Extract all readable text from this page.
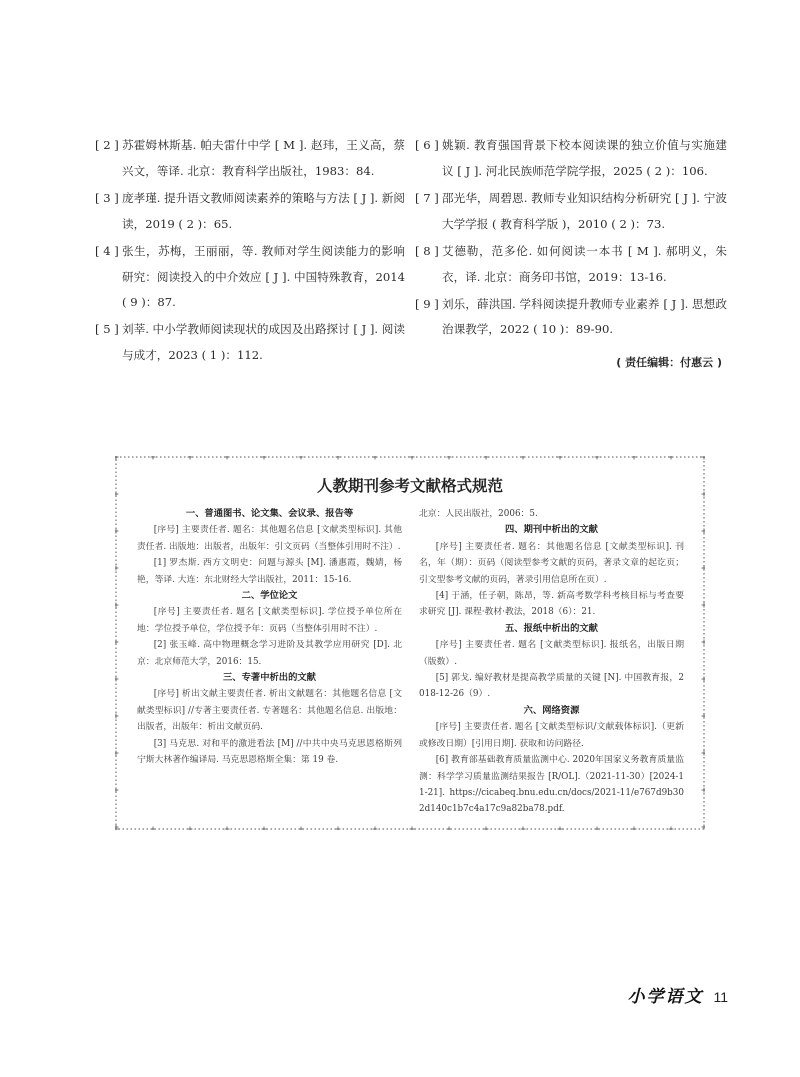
[ 2 ] 苏霍姆林斯基. 帕夫雷什中学 [ M ]. 赵玮，王义高，蔡兴文，等译. 北京：教育科学出版社，1983：84.
[ 3 ] 庞孝瑾. 提升语文教师阅读素养的策略与方法 [ J ]. 新阅读，2019 ( 2 )：65.
[ 4 ] 张生，苏梅，王丽丽，等. 教师对学生阅读能力的影响研究：阅读投入的中介效应 [ J ]. 中国特殊教育，2014 ( 9 )：87.
[ 5 ] 刘莘. 中小学教师阅读现状的成因及出路探讨 [ J ]. 阅读与成才，2023 ( 1 )：112.
[ 6 ] 姚颖. 教育强国背景下校本阅读课的独立价值与实施建议 [ J ]. 河北民族师范学院学报，2025 ( 2 )：106.
[ 7 ] 邵光华，周碧恩. 教师专业知识结构分析研究 [ J ]. 宁波大学学报 ( 教育科学版 )，2010 ( 2 )：73.
[ 8 ] 艾德勒，范多伦. 如何阅读一本书 [ M ]. 郝明义，朱衣，译. 北京：商务印书馆，2019：13-16.
[ 9 ] 刘乐，薛洪国. 学科阅读提升教师专业素养 [ J ]. 思想政治课教学，2022 ( 10 )：89-90.
( 责任编辑：付惠云 )
人教期刊参考文献格式规范
一、普通图书、论文集、会议录、报告等
[序号] 主要责任者. 题名：其他题名信息 [文献类型标识]. 其他责任者. 出版地：出版者，出版年：引文页码（当整体引用时不注）.
[1] 罗杰斯. 西方文明史：问题与源头 [M]. 潘惠霞，魏婧，杨艳，等译. 大连：东北财经大学出版社，2011：15-16.
二、学位论文
[序号] 主要责任者. 题名 [文献类型标识]. 学位授予单位所在地：学位授予单位，学位授予年：页码（当整体引用时不注）.
[2] 张玉峰. 高中物理概念学习进阶及其教学应用研究 [D]. 北京：北京师范大学，2016：15.
三、专著中析出的文献
[序号] 析出文献主要责任者. 析出文献题名：其他题名信息 [文献类型标识] //专著主要责任者. 专著题名：其他题名信息. 出版地：出版者，出版年：析出文献页码.
[3] 马克思. 对和平的激进看法 [M] //中共中央马克思恩格斯列宁斯大林著作编译局. 马克思恩格斯全集：第 19 卷.
北京：人民出版社，2006：5.
四、期刊中析出的文献
[序号] 主要责任者. 题名：其他题名信息 [文献类型标识]. 刊名，年（期）：页码（阅读型参考文献的页码，著录文章的起讫页；引文型参考文献的页码，著录引用信息所在页）.
[4] 于涵，任子朝，陈昂，等. 新高考数学科考核目标与考查要求研究 [J]. 课程·教材·教法，2018（6）：21.
五、报纸中析出的文献
[序号] 主要责任者. 题名 [文献类型标识]. 报纸名，出版日期（版数）.
[5] 郭戈. 编好教材是提高教学质量的关键 [N]. 中国教育报，2018-12-26（9）.
六、网络资源
[序号] 主要责任者. 题名 [文献类型标识/文献载体标识].（更新或修改日期）[引用日期]. 获取和访问路径.
[6] 教育部基础教育质量监测中心. 2020年国家义务教育质量监测：科学学习质量监测结果报告 [R/OL].（2021-11-30）[2024-11-21]. https://cicabeq.bnu.edu.cn/docs/2021-11/e767d9b302d140c1b7c4a17c9a82ba78.pdf.
小学语文 11
